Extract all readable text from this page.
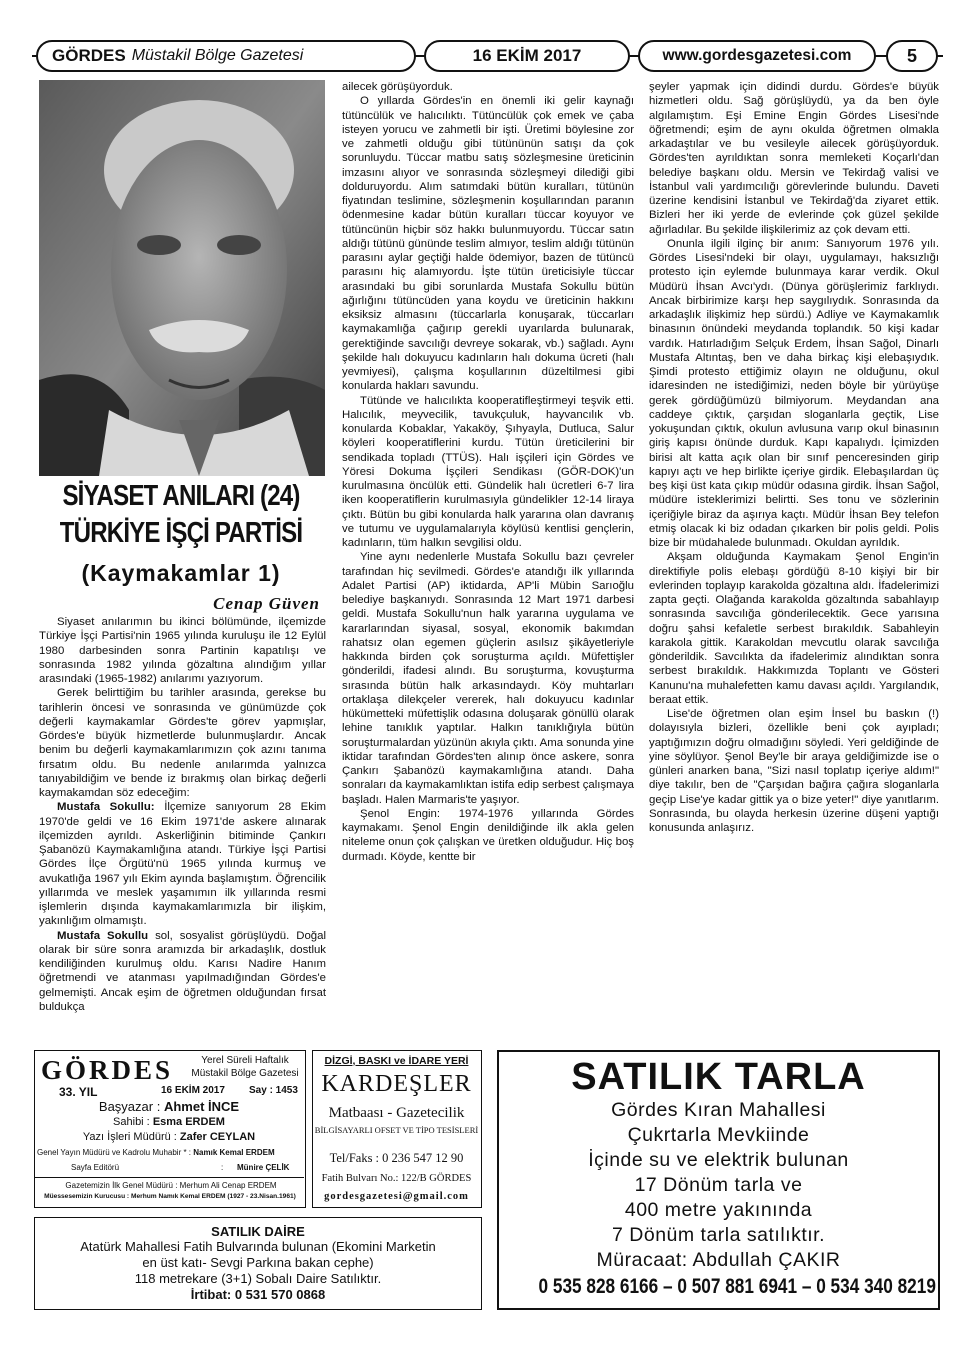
GÖRDES Müstakil Bölge Gazetesi	16 EKİM 2017	www.gordesgazetesi.com	5
SİYASET ANILARI (24)
TÜRKİYE İŞÇİ PARTİSİ
(Kaymakamlar 1)
Cenap Güven

Siyaset anılarımın bu ikinci bölümünde, ilçemizde Türkiye İşçi Partisi'nin 1965 yılında kuruluşu ile 12 Eylül 1980 darbesinden sonra Partinin kapatılışı ve sonrasında 1982 yılında gözaltına alındığım yıllar arasındaki (1965-1982) anılarımı yazıyorum.

Gerek belirttiğim bu tarihler arasında, gerekse bu tarihlerin öncesi ve sonrasında ve günümüzde çok değerli kaymakamlar Gördes'te görev yapmışlar, Gördes'e büyük hizmetlerde bulunmuşlardır. Ancak benim bu değerli kaymakamlarımızın çok azını tanıma fırsatım oldu. Bu nedenle anılarımda yalnızca tanıyabildiğim ve bende iz bırakmış olan birkaç değerli kaymakamdan söz edeceğim:

Mustafa Sokullu: İlçemize sanıyorum 28 Ekim 1970'de geldi ve 16 Ekim 1971'de askere alınarak ilçemizden ayrıldı. Askerliğinin bitiminde Çankırı Şabanözü Kaymakamlığına atandı. Türkiye İşçi Partisi Gördes İlçe Örgütü'nü 1965 yılında kurmuş ve avukatlığa 1967 yılı Ekim ayında başlamıştım. Öğrencilik yıllarımda ve meslek yaşamımın ilk yıllarında resmi işlemlerin dışında kaymakamlarımızla bir ilişkim, yakınlığım olmamıştı.

Mustafa Sokullu sol, sosyalist görüşlüydü. Doğal olarak bir süre sonra aramızda bir arkadaşlık, dostluk kendiliğinden kurulmuş oldu. Karısı Nadire Hanım öğretmendi ve atanması yapılmadığından Gördes'e gelmemişti. Ancak eşim de öğretmen olduğundan fırsat buldukça

ailecek görüşüyorduk.

O yıllarda Gördes'in en önemli iki gelir kaynağı tütüncülük ve halıcılıktı. Tütüncülük çok emek ve çaba isteyen yorucu ve zahmetli bir işti. Üretimi böylesine zor ve zahmetli olduğu gibi tütününün satışı da çok sorunluydu. Tüccar matbu satış sözleşmesine üreticinin imzasını alıyor ve sonrasında sözleşmeyi dilediği gibi dolduruyordu. Alım satımdaki bütün kuralları, tütünün fiyatından teslimine, sözleşmenin koşullarından paranın ödenmesine kadar bütün kuralları tüccar koyuyor ve tütüncünün hiçbir söz hakkı bulunmuyordu. Tüccar satın aldığı tütünü gününde teslim almıyor, teslim aldığı tütünün parasını aylar geçtiği halde ödemiyor, bazen de tütüncü parasını hiç alamıyordu. İşte tütün üreticisiyle tüccar arasındaki bu gibi sorunlarda Mustafa Sokullu bütün ağırlığını tütüncüden yana koydu ve üreticinin hakkını eksiksiz almasını (tüccarlarla konuşarak, tüccarları kaymakamlığa çağırıp gerekli uyarılarda bulunarak, gerektiğinde savcılığı devreye sokarak, vb.) sağladı. Aynı şekilde halı dokuyucu kadınların halı dokuma ücreti (halı yevmiyesi), çalışma koşullarının düzeltilmesi gibi konularda hakları savundu.

Tütünde ve halıcılıkta kooperatifleştirmeyi teşvik etti. Halıcılık, meyvecilik, tavukçuluk, hayvancılık vb. konularda Kobaklar, Yakaköy, Şıhyayla, Dutluca, Salur köyleri kooperatiflerini kurdu. Tütün üreticilerini bir sendikada topladı (TTÜS). Halı işçileri için Gördes ve Yöresi Dokuma İşçileri Sendikası (GÖR-DOK)'un kurulmasına öncülük etti. Gündelik halı ücretleri 6-7 lira iken kooperatiflerin kurulmasıyla gündelikler 12-14 liraya çıktı. Bütün bu gibi konularda halk yararına olan davranış ve tutumu ve uygulamalarıyla köylüsü kentlisi gençlerin, kadınların, tüm halkın sevgilisi oldu.

Yine aynı nedenlerle Mustafa Sokullu bazı çevreler tarafından hiç sevilmedi. Gördes'e atandığı ilk yıllarında Adalet Partisi (AP) iktidarda, AP'li Mübin Sarıoğlu belediye başkanıydı. Sonrasında 12 Mart 1971 darbesi geldi. Mustafa Sokullu'nun halk yararına uygulama ve kararlarından siyasal, sosyal, ekonomik bakımdan rahatsız olan egemen güçlerin asılsız şikâyetleriyle hakkında birden çok soruşturma açıldı. Müfettişler gönderildi, ifadesi alındı. Bu soruşturma, kovuşturma sırasında bütün halk arkasındaydı. Köy muhtarları ortaklaşa dilekçeler vererek, halı dokuyucu kadınlar hükümetteki müfettişlik odasına doluşarak gönüllü olarak lehine tanıklık yaptılar. Halkın tanıklığıyla bütün soruşturmalardan yüzünün akıyla çıktı. Ama sonunda yine iktidar tarafından Gördes'ten alınıp önce askere, sonra Çankırı Şabanözü kaymakamlığına atandı. Daha sonraları da kaymakamlıktan istifa edip serbest çalışmaya başladı. Halen Marmaris'te yaşıyor.

Şenol Engin: 1974-1976 yıllarında Gördes kaymakamı. Şenol Engin denildiğinde ilk akla gelen niteleme onun çok çalışkan ve üretken olduğudur. Hiç boş durmadı. Köyde, kentte bir

şeyler yapmak için didindi durdu. Gördes'e büyük hizmetleri oldu. Sağ görüşlüydü, ya da ben öyle algılamıştım. Eşi Emine Engin Gördes Lisesi'nde öğretmendi; eşim de aynı okulda öğretmen olmakla arkadaştılar ve bu vesileyle ailecek görüşüyorduk. Gördes'ten ayrıldıktan sonra memleketi Koçarlı'dan belediye başkanı oldu. Mersin ve Tekirdağ valisi ve İstanbul vali yardımcılığı görevlerinde bulundu. Daveti üzerine kendisini İstanbul ve Tekirdağ'da ziyaret ettik. Bizleri her iki yerde de evlerinde çok güzel şekilde ağırladılar. Bu şekilde ilişkilerimiz az çok devam etti.

Onunla ilgili ilginç bir anım: Sanıyorum 1976 yılı. Gördes Lisesi'ndeki bir olayı, uygulamayı, haksızlığı protesto için eylemde bulunmaya karar verdik. Okul Müdürü İhsan Avcı'ydı. (Dünya görüşlerimiz farklıydı. Ancak birbirimize karşı hep saygılıydık. Sonrasında da arkadaşlık ilişkimiz hep sürdü.) Adliye ve Kaymakamlık binasının önündeki meydanda toplandık. 50 kişi kadar vardık. Hatırladığım Selçuk Erdem, İhsan Sağol, Dinarlı Mustafa Altıntaş, ben ve daha birkaç kişi elebaşıydık. Şimdi protesto ettiğimiz olayın ne olduğunu, okul idaresinden ne istediğimizi, neden böyle bir yürüyüşe gerek gördüğümüzü bilmiyorum. Meydandan ana caddeye çıktık, çarşıdan sloganlarla geçtik, Lise yokuşundan çıktık, okulun avlusuna varıp okul binasının giriş kapısı önünde durduk. Kapı kapalıydı. İçimizden birisi alt katta açık olan bir sınıf penceresinden girip kapıyı açtı ve hep birlikte içeriye girdik. Elebaşılardan üç beş kişi üst kata çıkıp müdür odasına girdik. İhsan Sağol, müdüre isteklerimizi belirtti. Ses tonu ve sözlerinin içeriğiyle biraz da aşırıya kaçtı. Müdür İhsan Bey telefon etmiş olacak ki biz odadan çıkarken bir polis geldi. Polis bize bir müdahalede bulunmadı. Okuldan ayrıldık.

Akşam olduğunda Kaymakam Şenol Engin'in direktifiyle polis elebaşı gördüğü 8-10 kişiyi bir bir evlerinden toplayıp karakolda gözaltına aldı. İfadelerimizi zapta geçti. Olağanda karakolda gözaltında sabahlayıp sonrasında savcılığa gönderilecektik. Gece yarısına doğru şahsi kefaletle serbest bırakıldık. Sabahleyin karakola gittik. Karakoldan mevcutlu olarak savcılığa gönderildik. Savcılıkta da ifadelerimiz alındıktan sonra serbest bırakıldık. Hakkımızda Toplantı ve Gösteri Kanunu'na muhalefetten kamu davası açıldı. Yargılandık, beraat ettik.

Lise'de öğretmen olan eşim İnsel bu baskın (!) dolayısıyla bizleri, özellikle beni çok ayıpladı; yaptığımızın doğru olmadığını söyledi. Yeri geldiğinde de yine söylüyor. Şenol Bey'le bir araya geldiğimizde ise o günleri anarken bana, "Sizi nasıl toplatıp içeriye aldım!" diye takılır, ben de "Çarşıdan bağıra çağıra sloganlarla geçip Lise'ye kadar gittik ya o bize yeter!" diye yanıtlarım. Sonrasında, bu olayda herkesin üzerine düşeni yaptığı konusunda anlaşırız.

GÖRDES	Yerel Süreli Haftalık
Müstakil Bölge Gazetesi
33. YIL	16 EKİM 2017 Say : 1453
Başyazar : Ahmet İNCE
Sahibi : Esma ERDEM
Yazı İşleri Müdürü : Zafer CEYLAN
Genel Yayın Müdürü ve Kadrolu Muhabir * : Namık Kemal ERDEM
Sayfa Editörü	: Münire ÇELİK
Gazetemizin İlk Genel Müdürü : Merhum Ali Cenap ERDEM
Müessesemizin Kurucusu : Merhum Namık Kemal ERDEM (1927 - 23.Nisan.1961)
DİZGİ, BASKI ve İDARE YERİ
KARDEŞLER
Matbaası - Gazetecilik
BİLGİSAYARLI OFSET VE TİPO TESİSLERİ
Tel/Faks : 0 236 547 12 90
Fatih Bulvarı No.: 122/B GÖRDES
gordesgazetesi@gmail.com
SATILIK DAİRE
Atatürk Mahallesi Fatih Bulvarında bulunan (Ekomini Marketin
en üst katı- Sevgi Parkına bakan cephe)
118 metrekare (3+1) Sobalı Daire Satılıktır.
İrtibat: 0 531 570 0868
SATILIK TARLA
Gördes Kıran Mahallesi
Çukrtarla Mevkiinde
İçinde su ve elektrik bulunan
17 Dönüm tarla ve
400 metre yakınında
7 Dönüm tarla satılıktır.
Müracaat: Abdullah ÇAKIR
0 535 828 6166 – 0 507 881 6941 – 0 534 340 8219
